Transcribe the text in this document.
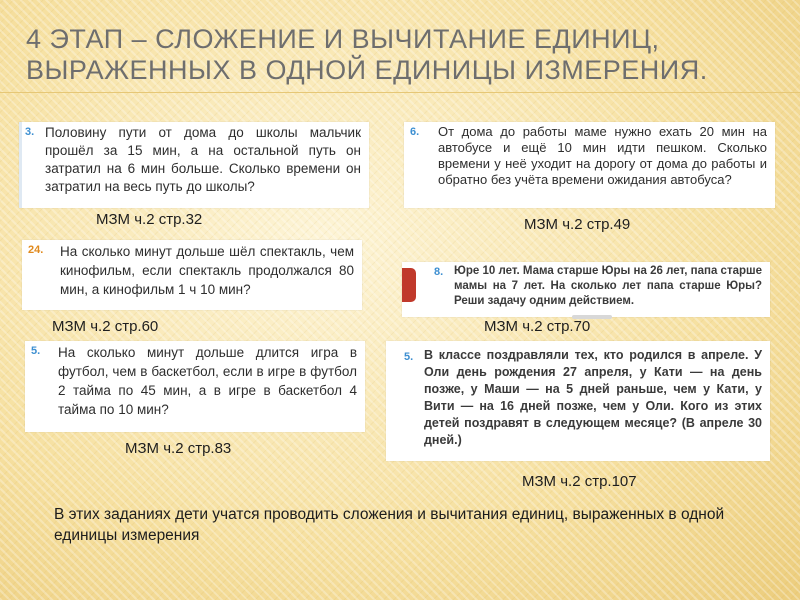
4 ЭТАП – СЛОЖЕНИЕ И ВЫЧИТАНИЕ ЕДИНИЦ, ВЫРАЖЕННЫХ В ОДНОЙ ЕДИНИЦЫ ИЗМЕРЕНИЯ.
3. Половину пути от дома до школы мальчик прошёл за 15 мин, а на остальной путь он затратил на 6 мин больше. Сколько времени он затратил на весь путь до школы?
МЗМ ч.2 стр.32
6. От дома до работы маме нужно ехать 20 мин на автобусе и ещё 10 мин идти пешком. Сколько времени у неё уходит на дорогу от дома до работы и обратно без учёта времени ожидания автобуса?
МЗМ ч.2 стр.49
24. На сколько минут дольше шёл спектакль, чем кинофильм, если спектакль продолжался 80 мин, а кинофильм 1 ч 10 мин?
МЗМ ч.2 стр.60
8. Юре 10 лет. Мама старше Юры на 26 лет, папа старше мамы на 7 лет. На сколько лет папа старше Юры? Реши задачу одним действием.
МЗМ ч.2 стр.70
5. На сколько минут дольше длится игра в футбол, чем в баскетбол, если в игре в футбол 2 тайма по 45 мин, а в игре в баскетбол 4 тайма по 10 мин?
МЗМ ч.2 стр.83
5. В классе поздравляли тех, кто родился в апреле. У Оли день рождения 27 апреля, у Кати — на день позже, у Маши — на 5 дней раньше, чем у Кати, у Вити — на 16 дней позже, чем у Оли. Кого из этих детей поздравят в следующем месяце? (В апреле 30 дней.)
МЗМ ч.2 стр.107
В этих заданиях дети учатся проводить сложения и вычитания единиц, выраженных в одной единицы измерения
